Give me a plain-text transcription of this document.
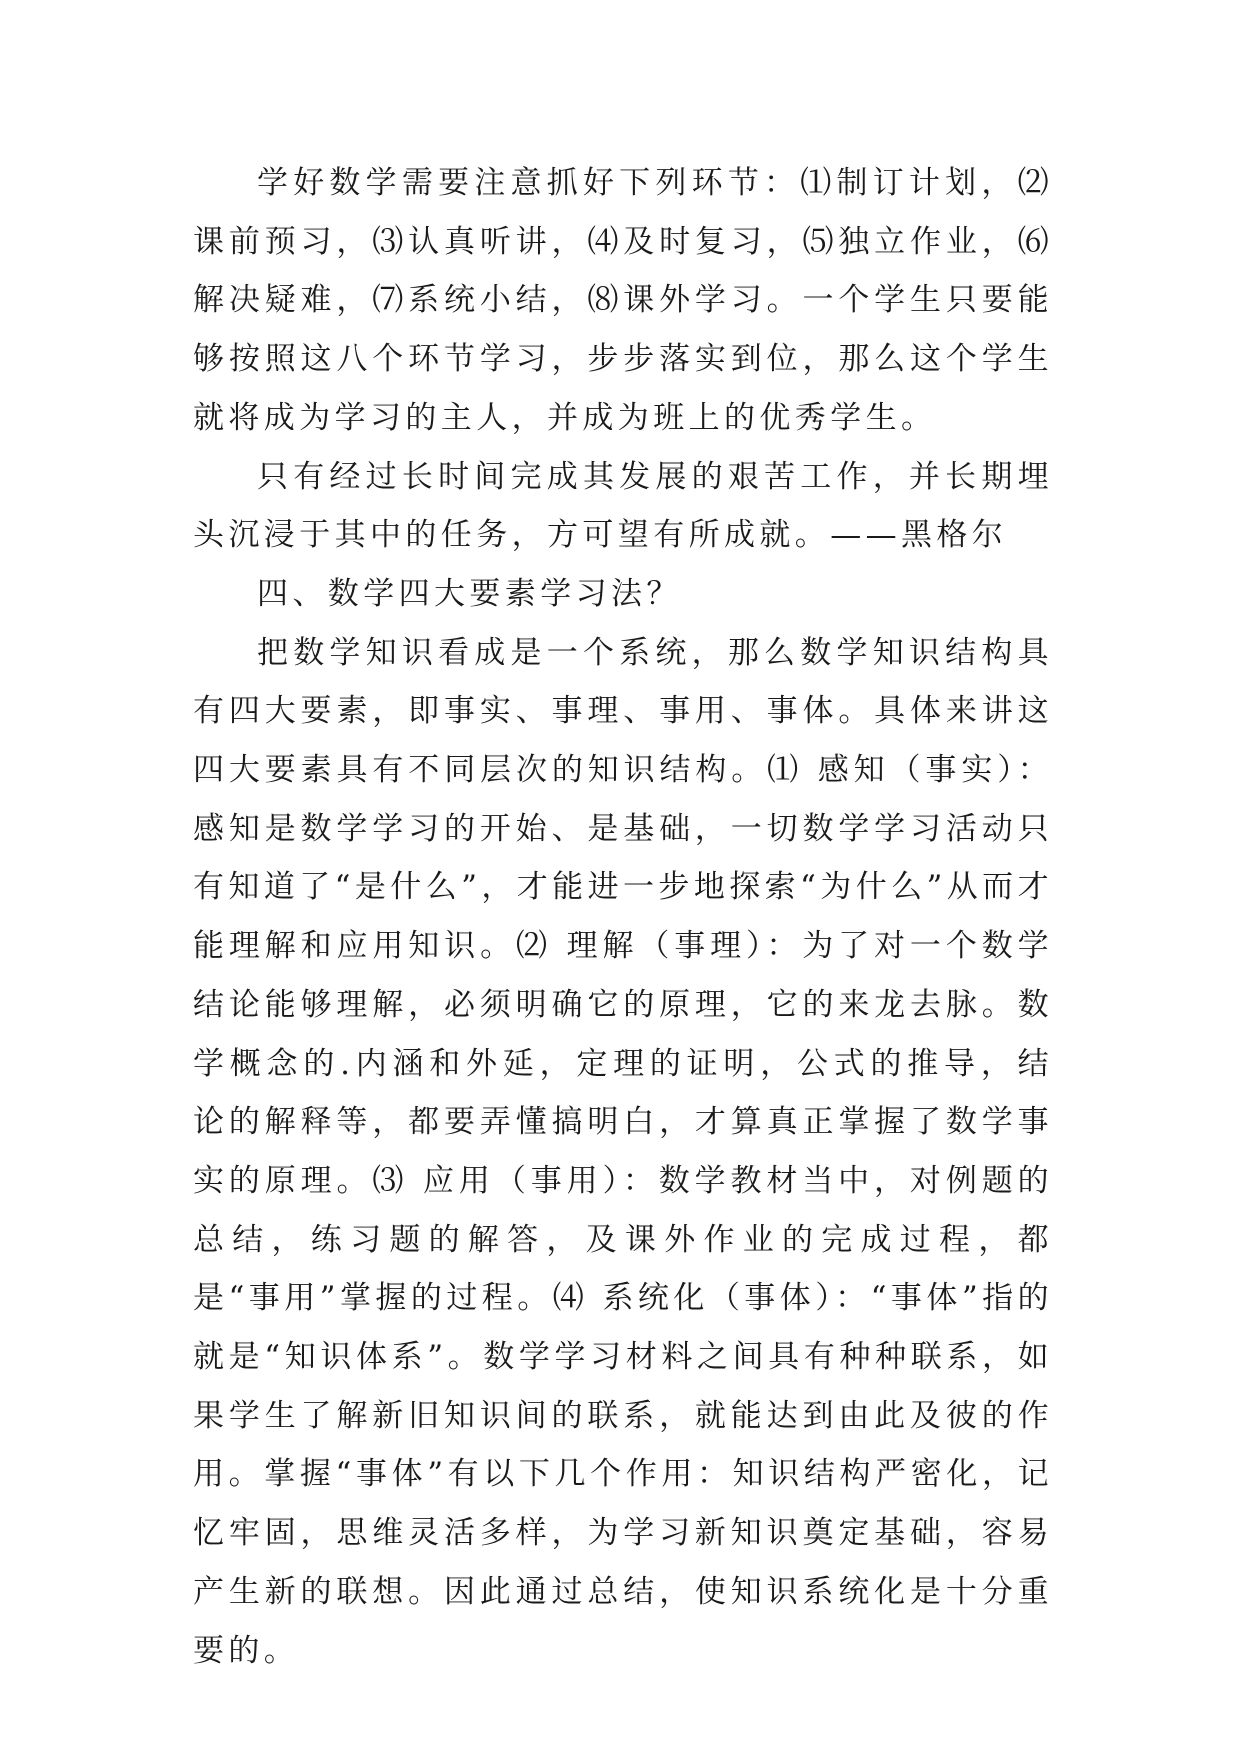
学好数学需要注意抓好下列环节：⑴制订计划，⑵课前预习，⑶认真听讲，⑷及时复习，⑸独立作业，⑹解决疑难，⑺系统小结，⑻课外学习。一个学生只要能够按照这八个环节学习，步步落实到位，那么这个学生就将成为学习的主人，并成为班上的优秀学生。

只有经过长时间完成其发展的艰苦工作，并长期埋头沉浸于其中的任务，方可望有所成就。——黑格尔

四、数学四大要素学习法？

把数学知识看成是一个系统，那么数学知识结构具有四大要素，即事实、事理、事用、事体。具体来讲这四大要素具有不同层次的知识结构。⑴ 感知（事实）：感知是数学学习的开始、是基础，一切数学学习活动只有知道了“是什么”，才能进一步地探索“为什么”从而才能理解和应用知识。⑵ 理解（事理）：为了对一个数学结论能够理解，必须明确它的原理，它的来龙去脉。数学概念的.内涵和外延，定理的证明，公式的推导，结论的解释等，都要弄懂搞明白，才算真正掌握了数学事实的原理。⑶ 应用（事用）：数学教材当中，对例题的总结，练习题的解答，及课外作业的完成过程，都是“事用”掌握的过程。⑷ 系统化（事体）：“事体”指的就是“知识体系”。数学学习材料之间具有种种联系，如果学生了解新旧知识间的联系，就能达到由此及彼的作用。掌握“事体”有以下几个作用：知识结构严密化，记忆牢固，思维灵活多样，为学习新知识奠定基础，容易产生新的联想。因此通过总结，使知识系统化是十分重要的。
